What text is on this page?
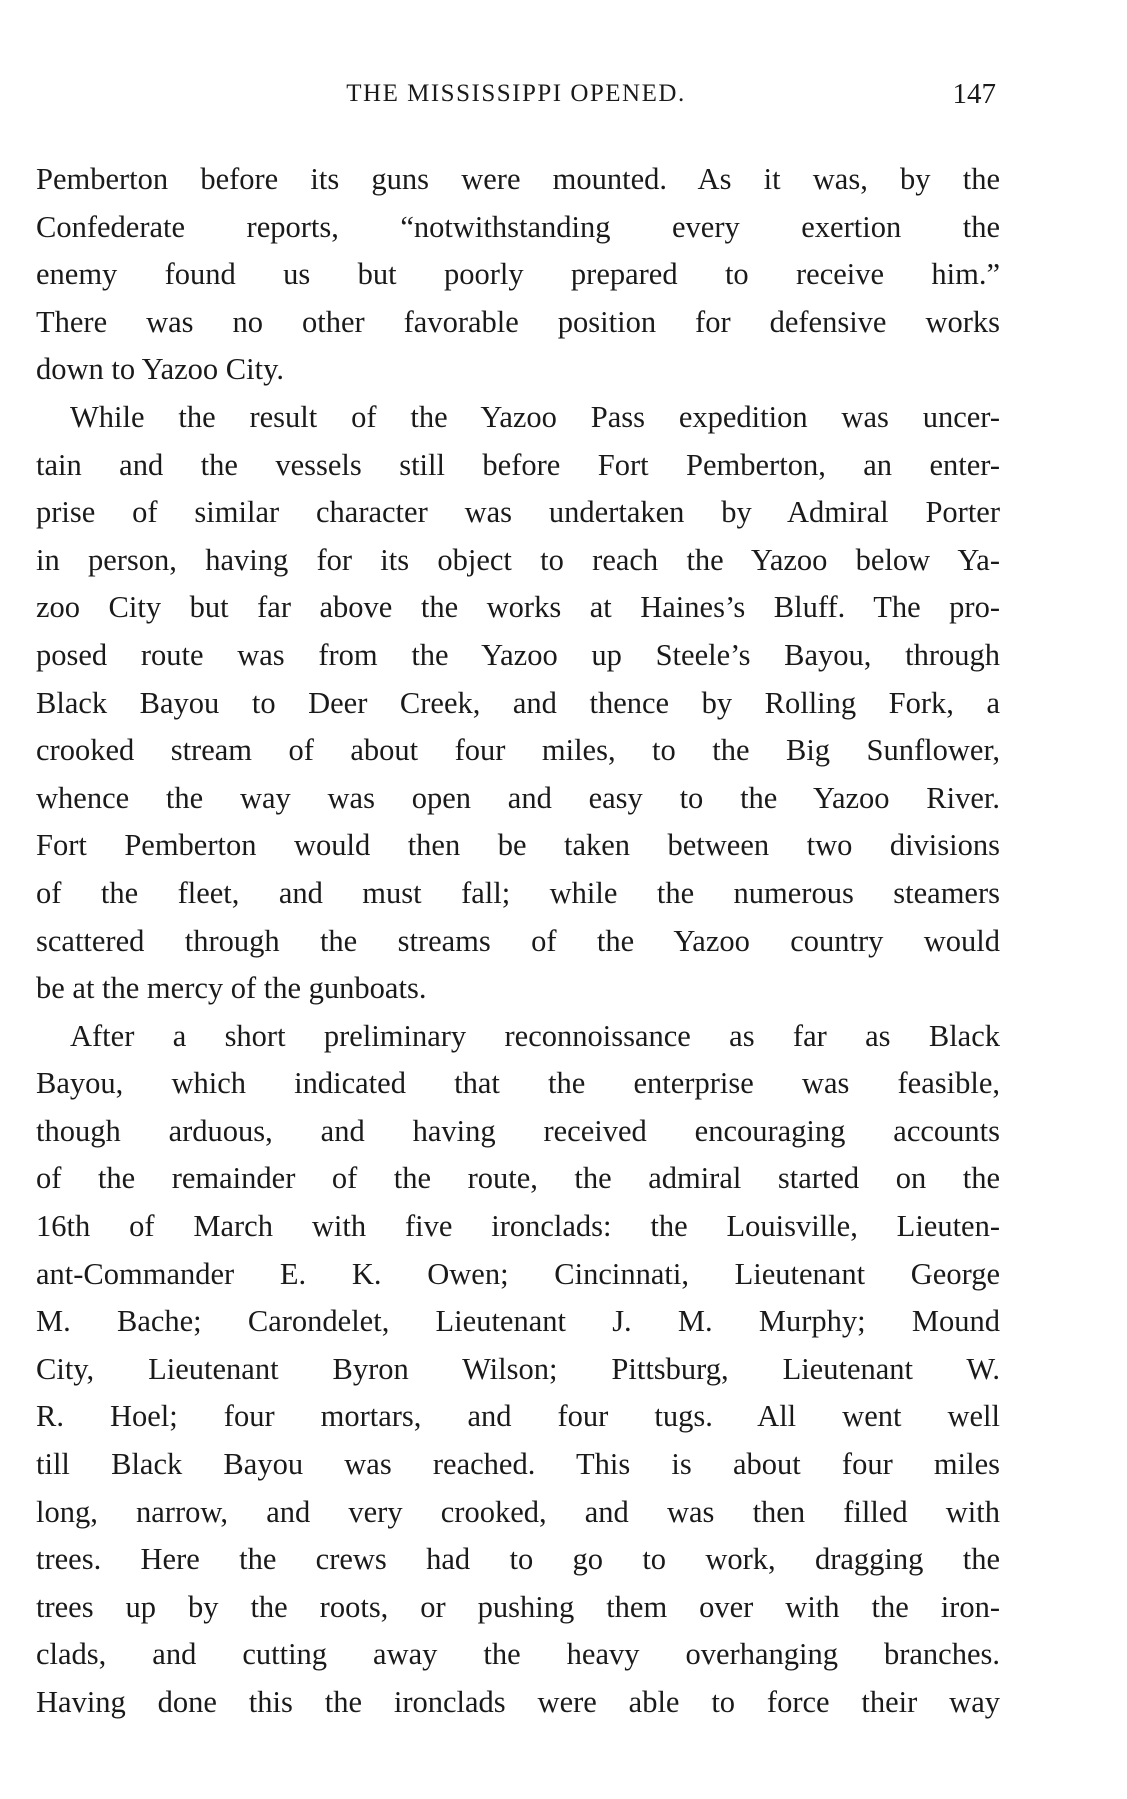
THE MISSISSIPPI OPENED.	147
Pemberton before its guns were mounted. As it was, by the
Confederate reports, “notwithstanding every exertion the
enemy found us but poorly prepared to receive him.”
There was no other favorable position for defensive works
down to Yazoo City.
While the result of the Yazoo Pass expedition was uncer-
tain and the vessels still before Fort Pemberton, an enter-
prise of similar character was undertaken by Admiral Porter
in person, having for its object to reach the Yazoo below Ya-
zoo City but far above the works at Haines’s Bluff. The pro-
posed route was from the Yazoo up Steele’s Bayou, through
Black Bayou to Deer Creek, and thence by Rolling Fork, a
crooked stream of about four miles, to the Big Sunflower,
whence the way was open and easy to the Yazoo River.
Fort Pemberton would then be taken between two divisions
of the fleet, and must fall; while the numerous steamers
scattered through the streams of the Yazoo country would
be at the mercy of the gunboats.
After a short preliminary reconnoissance as far as Black
Bayou, which indicated that the enterprise was feasible,
though arduous, and having received encouraging accounts
of the remainder of the route, the admiral started on the
16th of March with five ironclads: the Louisville, Lieuten-
ant-Commander E. K. Owen; Cincinnati, Lieutenant George
M. Bache; Carondelet, Lieutenant J. M. Murphy; Mound
City, Lieutenant Byron Wilson; Pittsburg, Lieutenant W.
R. Hoel; four mortars, and four tugs. All went well
till Black Bayou was reached. This is about four miles
long, narrow, and very crooked, and was then filled with
trees. Here the crews had to go to work, dragging the
trees up by the roots, or pushing them over with the iron-
clads, and cutting away the heavy overhanging branches.
Having done this the ironclads were able to force their way
